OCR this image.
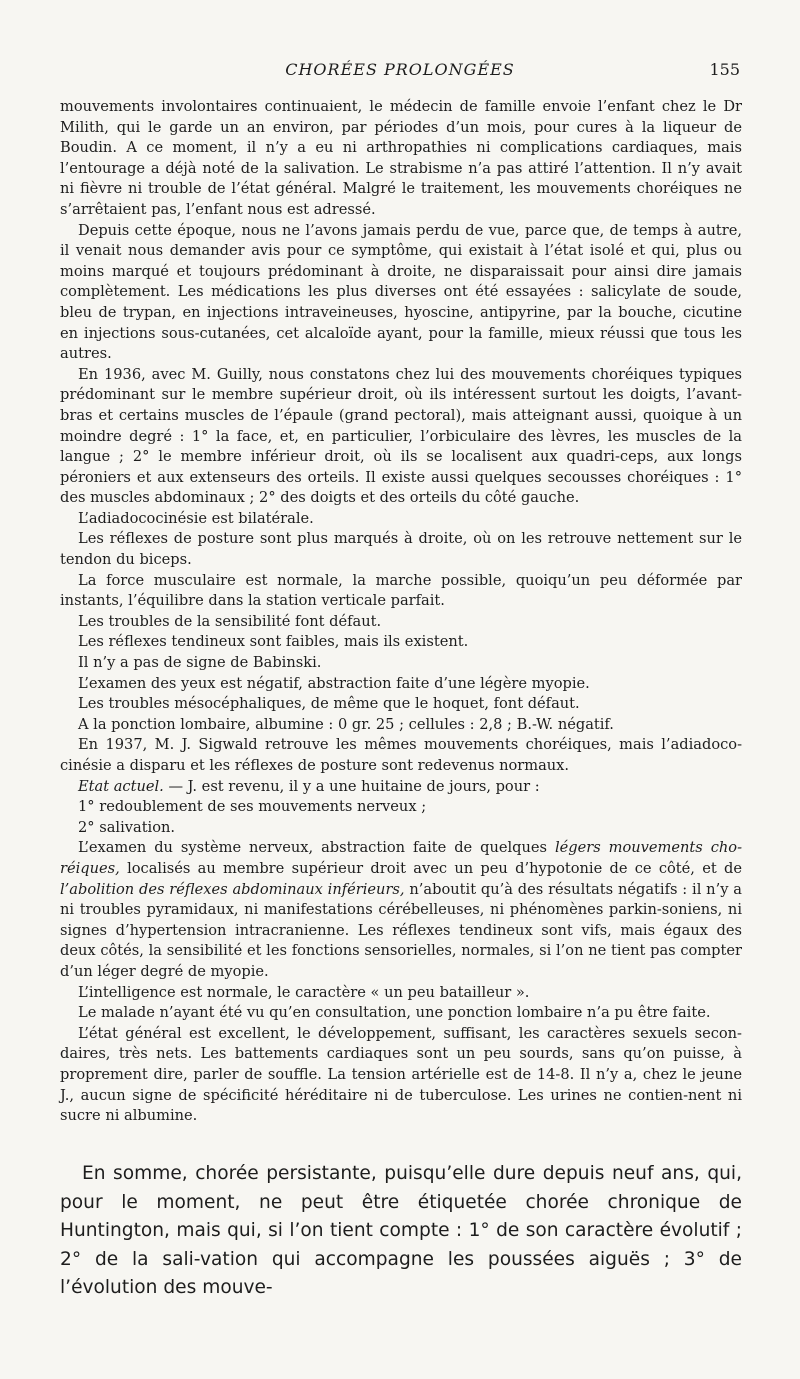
CHORÉES PROLONGÉES	155

mouvements involontaires continuaient, le médecin de famille envoie l’enfant chez le Dr Milith, qui le garde un an environ, par périodes d’un mois, pour cures à la liqueur de Boudin. A ce moment, il n’y a eu ni arthropathies ni complications cardiaques, mais l’entourage a déjà noté de la salivation. Le strabisme n’a pas attiré l’attention. Il n’y avait ni fièvre ni trouble de l’état général. Malgré le traitement, les mouvements choréiques ne s’arrêtaient pas, l’enfant nous est adressé.

Depuis cette époque, nous ne l’avons jamais perdu de vue, parce que, de temps à autre, il venait nous demander avis pour ce symptôme, qui existait à l’état isolé et qui, plus ou moins marqué et toujours prédominant à droite, ne disparaissait pour ainsi dire jamais complètement. Les médications les plus diverses ont été essayées : salicylate de soude, bleu de trypan, en injections intraveineuses, hyoscine, antipyrine, par la bouche, cicutine en injections sous-cutanées, cet alcaloïde ayant, pour la famille, mieux réussi que tous les autres.

En 1936, avec M. Guilly, nous constatons chez lui des mouvements choréiques typiques prédominant sur le membre supérieur droit, où ils intéressent surtout les doigts, l’avant-bras et certains muscles de l’épaule (grand pectoral), mais atteignant aussi, quoique à un moindre degré : 1° la face, et, en particulier, l’orbiculaire des lèvres, les muscles de la langue ; 2° le membre inférieur droit, où ils se localisent aux quadri-ceps, aux longs péroniers et aux extenseurs des orteils. Il existe aussi quelques secousses choréiques : 1° des muscles abdominaux ; 2° des doigts et des orteils du côté gauche.

L’adiadococinésie est bilatérale.

Les réflexes de posture sont plus marqués à droite, où on les retrouve nettement sur le tendon du biceps.

La force musculaire est normale, la marche possible, quoiqu’un peu déformée par instants, l’équilibre dans la station verticale parfait.

Les troubles de la sensibilité font défaut.

Les réflexes tendineux sont faibles, mais ils existent.

Il n’y a pas de signe de Babinski.

L’examen des yeux est négatif, abstraction faite d’une légère myopie.

Les troubles mésocéphaliques, de même que le hoquet, font défaut.

A la ponction lombaire, albumine : 0 gr. 25 ; cellules : 2,8 ; B.-W. négatif.

En 1937, M. J. Sigwald retrouve les mêmes mouvements choréiques, mais l’adiadoco-cinésie a disparu et les réflexes de posture sont redevenus normaux.

Etat actuel. — J. est revenu, il y a une huitaine de jours, pour :

1° redoublement de ses mouvements nerveux ;

2° salivation.

L’examen du système nerveux, abstraction faite de quelques légers mouvements cho-réiques, localisés au membre supérieur droit avec un peu d’hypotonie de ce côté, et de l’abolition des réflexes abdominaux inférieurs, n’aboutit qu’à des résultats négatifs : il n’y a ni troubles pyramidaux, ni manifestations cérébelleuses, ni phénomènes parkin-soniens, ni signes d’hypertension intracranienne. Les réflexes tendineux sont vifs, mais égaux des deux côtés, la sensibilité et les fonctions sensorielles, normales, si l’on ne tient pas compter d’un léger degré de myopie.

L’intelligence est normale, le caractère « un peu batailleur ».

Le malade n’ayant été vu qu’en consultation, une ponction lombaire n’a pu être faite.

L’état général est excellent, le développement, suffisant, les caractères sexuels secon-daires, très nets. Les battements cardiaques sont un peu sourds, sans qu’on puisse, à proprement dire, parler de souffle. La tension artérielle est de 14-8. Il n’y a, chez le jeune J., aucun signe de spécificité héréditaire ni de tuberculose. Les urines ne contien-nent ni sucre ni albumine.

En somme, chorée persistante, puisqu’elle dure depuis neuf ans, qui, pour le moment, ne peut être étiquetée chorée chronique de Huntington, mais qui, si l’on tient compte : 1° de son caractère évolutif ; 2° de la sali-vation qui accompagne les poussées aiguës ; 3° de l’évolution des mouve-
